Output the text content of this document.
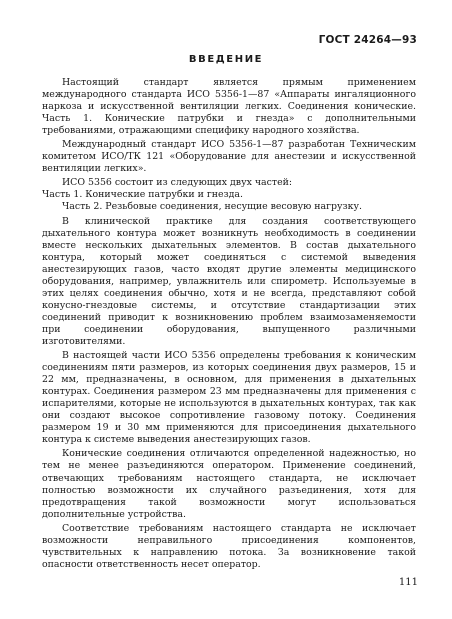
ГОСТ 24264—93
ВВЕДЕНИЕ

Настоящий стандарт является прямым применением международного стандарта ИСО 5356-1—87 «Аппараты ингаляционного наркоза и искусственной вентиляции легких. Соединения конические. Часть 1. Конические патрубки и гнезда» с дополнительными требованиями, отражающими специфику народного хозяйства.

Международный стандарт ИСО 5356-1—87 разработан Техническим комитетом ИСО/ТК 121 «Оборудование для анестезии и искусственной вентиляции легких».

ИСО 5356 состоит из следующих двух частей:

Часть 1. Конические патрубки и гнезда.

Часть 2. Резьбовые соединения, несущие весовую нагрузку.

В клинической практике для создания соответствующего дыхательного контура может возникнуть необходимость в соединении вместе нескольких дыхательных элементов. В состав дыхательного контура, который может соединяться с системой выведения анестезирующих газов, часто входят другие элементы медицинского оборудования, например, увлажнитель или спирометр. Используемые в этих целях соединения обычно, хотя и не всегда, представляют собой конусно-гнездовые системы, и отсутствие стандартизации этих соединений приводит к возникновению проблем взаимозаменяемости при соединении оборудования, выпущенного различными изготовителями.

В настоящей части ИСО 5356 определены требования к коническим соединениям пяти размеров, из которых соединения двух размеров, 15 и 22 мм, предназначены, в основном, для применения в дыхательных контурах. Соединения размером 23 мм предназначены для применения с испарителями, которые не используются в дыхательных контурах, так как они создают высокое сопротивление газовому потоку. Соединения размером 19 и 30 мм применяются для присоединения дыхательного контура к системе выведения анестезирующих газов.

Конические соединения отличаются определенной надежностью, но тем не менее разъединяются оператором. Применение соединений, отвечающих требованиям настоящего стандарта, не исключает полностью возможности их случайного разъединения, хотя для предотвращения такой возможности могут использоваться дополнительные устройства.

Соответствие требованиям настоящего стандарта не исключает возможности неправильного присоединения компонентов, чувствительных к направлению потока. За возникновение такой опасности ответственность несет оператор.

111
